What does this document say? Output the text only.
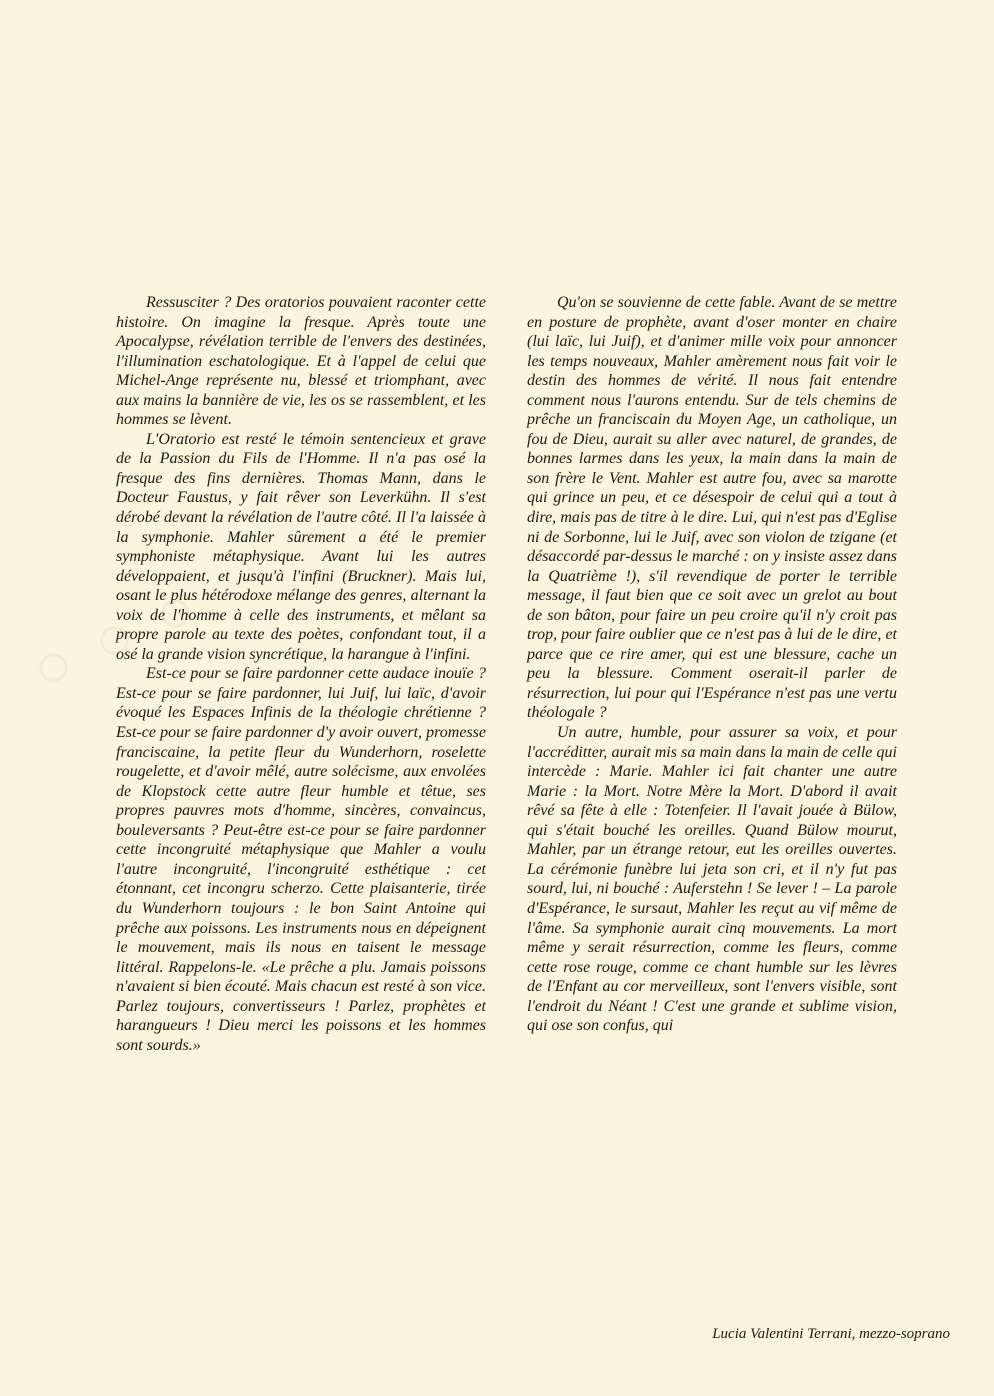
○ ○ ○

Ressusciter ? Des oratorios pouvaient raconter cette histoire. On imagine la fresque. Après toute une Apocalypse, révélation terrible de l'envers des destinées, l'illumination eschatologique. Et à l'appel de celui que Michel-Ange représente nu, blessé et triomphant, avec aux mains la bannière de vie, les os se rassemblent, et les hommes se lèvent.

L'Oratorio est resté le témoin sentencieux et grave de la Passion du Fils de l'Homme. Il n'a pas osé la fresque des fins dernières. Thomas Mann, dans le Docteur Faustus, y fait rêver son Leverkühn. Il s'est dérobé devant la révélation de l'autre côté. Il l'a laissée à la symphonie. Mahler sûrement a été le premier symphoniste métaphysique. Avant lui les autres développaient, et jusqu'à l'infini (Bruckner). Mais lui, osant le plus hétérodoxe mélange des genres, alternant la voix de l'homme à celle des instruments, et mêlant sa propre parole au texte des poètes, confondant tout, il a osé la grande vision syncrétique, la harangue à l'infini.

Est-ce pour se faire pardonner cette audace inouïe ? Est-ce pour se faire pardonner, lui Juif, lui laïc, d'avoir évoqué les Espaces Infinis de la théologie chrétienne ? Est-ce pour se faire pardonner d'y avoir ouvert, promesse franciscaine, la petite fleur du Wunderhorn, roselette rougelette, et d'avoir mêlé, autre solécisme, aux envolées de Klopstock cette autre fleur humble et têtue, ses propres pauvres mots d'homme, sincères, convaincus, bouleversants ? Peut-être est-ce pour se faire pardonner cette incongruité métaphysique que Mahler a voulu l'autre incongruité, l'incongruité esthétique : cet étonnant, cet incongru scherzo. Cette plaisanterie, tirée du Wunderhorn toujours : le bon Saint Antoine qui prêche aux poissons. Les instruments nous en dépeignent le mouvement, mais ils nous en taisent le message littéral. Rappelons-le. «Le prêche a plu. Jamais poissons n'avaient si bien écouté. Mais chacun est resté à son vice. Parlez toujours, convertisseurs ! Parlez, prophètes et harangueurs ! Dieu merci les poissons et les hommes sont sourds.»

Qu'on se souvienne de cette fable. Avant de se mettre en posture de prophète, avant d'oser monter en chaire (lui laïc, lui Juif), et d'animer mille voix pour annoncer les temps nouveaux, Mahler amèrement nous fait voir le destin des hommes de vérité. Il nous fait entendre comment nous l'aurons entendu. Sur de tels chemins de prêche un franciscain du Moyen Age, un catholique, un fou de Dieu, aurait su aller avec naturel, de grandes, de bonnes larmes dans les yeux, la main dans la main de son frère le Vent. Mahler est autre fou, avec sa marotte qui grince un peu, et ce désespoir de celui qui a tout à dire, mais pas de titre à le dire. Lui, qui n'est pas d'Eglise ni de Sorbonne, lui le Juif, avec son violon de tzigane (et désaccordé par-dessus le marché : on y insiste assez dans la Quatrième !), s'il revendique de porter le terrible message, il faut bien que ce soit avec un grelot au bout de son bâton, pour faire un peu croire qu'il n'y croit pas trop, pour faire oublier que ce n'est pas à lui de le dire, et parce que ce rire amer, qui est une blessure, cache un peu la blessure. Comment oserait-il parler de résurrection, lui pour qui l'Espérance n'est pas une vertu théologale ?

Un autre, humble, pour assurer sa voix, et pour l'accréditter, aurait mis sa main dans la main de celle qui intercède : Marie. Mahler ici fait chanter une autre Marie : la Mort. Notre Mère la Mort. D'abord il avait rêvé sa fête à elle : Totenfeier. Il l'avait jouée à Bülow, qui s'était bouché les oreilles. Quand Bülow mourut, Mahler, par un étrange retour, eut les oreilles ouvertes. La cérémonie funèbre lui jeta son cri, et il n'y fut pas sourd, lui, ni bouché : Auferstehn ! Se lever ! – La parole d'Espérance, le sursaut, Mahler les reçut au vif même de l'âme. Sa symphonie aurait cinq mouvements. La mort même y serait résurrection, comme les fleurs, comme cette rose rouge, comme ce chant humble sur les lèvres de l'Enfant au cor merveilleux, sont l'envers visible, sont l'endroit du Néant ! C'est une grande et sublime vision, qui ose son confus, qui

Lucia Valentini Terrani, mezzo-soprano
